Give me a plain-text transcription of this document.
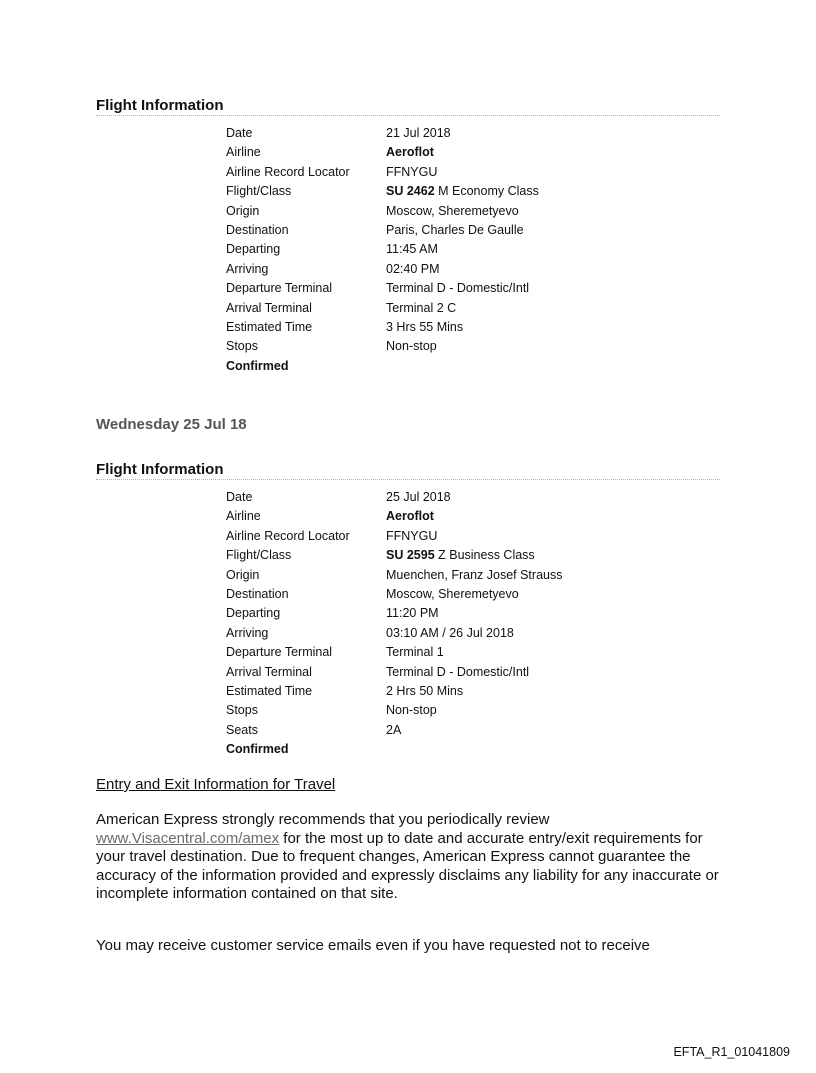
Flight Information
Date	21 Jul 2018
Airline	Aeroflot
Airline Record Locator	FFNYGU
Flight/Class	SU 2462 M Economy Class
Origin	Moscow, Sheremetyevo
Destination	Paris, Charles De Gaulle
Departing	11:45 AM
Arriving	02:40 PM
Departure Terminal	Terminal D - Domestic/Intl
Arrival Terminal	Terminal 2 C
Estimated Time	3 Hrs 55 Mins
Stops	Non-stop
Confirmed
Wednesday 25 Jul 18
Flight Information
Date	25 Jul 2018
Airline	Aeroflot
Airline Record Locator	FFNYGU
Flight/Class	SU 2595 Z Business Class
Origin	Muenchen, Franz Josef Strauss
Destination	Moscow, Sheremetyevo
Departing	11:20 PM
Arriving	03:10 AM / 26 Jul 2018
Departure Terminal	Terminal 1
Arrival Terminal	Terminal D - Domestic/Intl
Estimated Time	2 Hrs 50 Mins
Stops	Non-stop
Seats	2A
Confirmed
Entry and Exit Information for Travel
American Express strongly recommends that you periodically review www.Visacentral.com/amex for the most up to date and accurate entry/exit requirements for your travel destination. Due to frequent changes, American Express cannot guarantee the accuracy of the information provided and expressly disclaims any liability for any inaccurate or incomplete information contained on that site.
You may receive customer service emails even if you have requested not to receive
EFTA_R1_01041809
